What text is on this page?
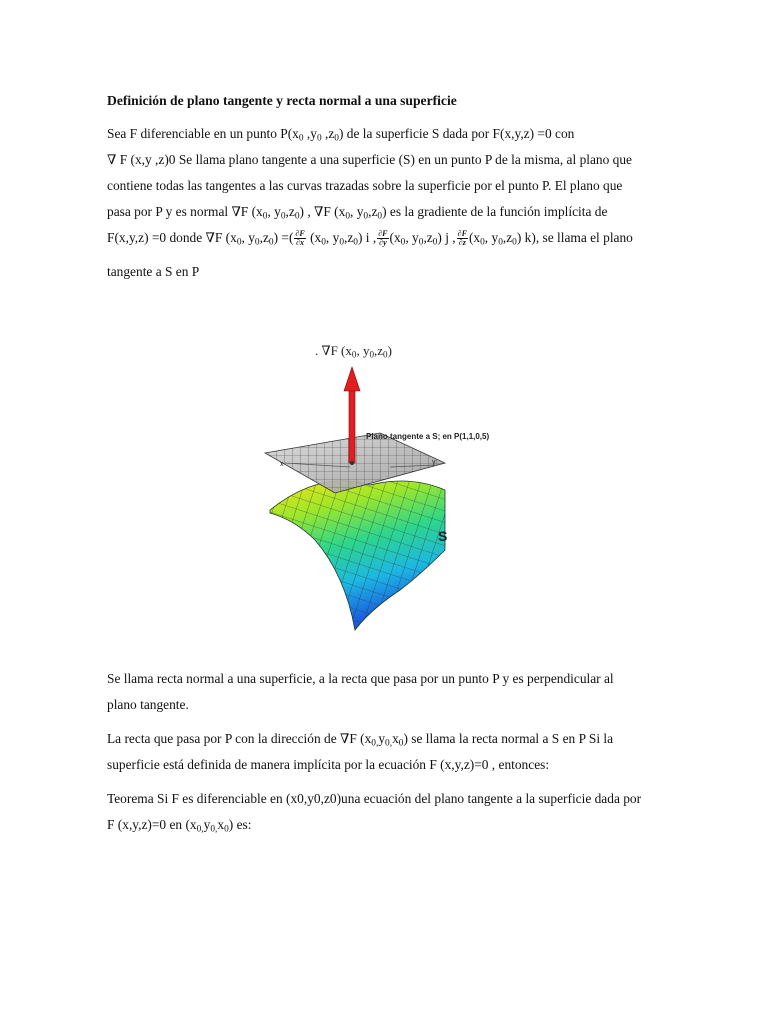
Definición de plano tangente y recta normal a una superficie
Sea F diferenciable en un punto $P(x_0$ $,y_0$ $,z_0$) de la superficie S dada por F(x,y,z) =0 con
∇ F (x,y ,z)0 Se llama plano tangente a una superficie (S) en un punto P de la misma, al plano que
contiene todas las tangentes a las curvas trazadas sobre la superficie por el punto P. El plano que
pasa por P y es normal ∇F ($x_0$, $y_0,z_0$) , ∇F ($x_0$, $y_0,z_0$) es la gradiente de la función implícita de
F(x,y,z) =0 donde ∇F ($x_0$, $y_0,z_0$) =( $\frac{\partial F}{\partial x} (x_0$, $y_0,z_0$) i , $\frac{\partial F}{\partial y} (x_0$, $y_0,z_0$) j , $\frac{\partial F}{\partial z} (x_0$, $y_0,z_0$) k), se llama el plano
tangente a S en P
. ∇F ($x_0$, $y_0,z_0$)
Plano tangente a S; en P(1,1,0,5)
S
x	y
Se llama recta normal a una superficie, a la recta que pasa por un punto P y es perpendicular al
plano tangente.
La recta que pasa por P con la dirección de ∇F $(x_{0,}y_{0,}x_0)$ se llama la recta normal a S en P Si la
superficie está definida de manera implícita por la ecuación F (x,y,z)=0 , entonces:
Teorema Si F es diferenciable en (x0,y0,z0)una ecuación del plano tangente a la superficie dada por
F (x,y,z)=0 en $(x_{0,}y_{0,}x_0)$ es:
